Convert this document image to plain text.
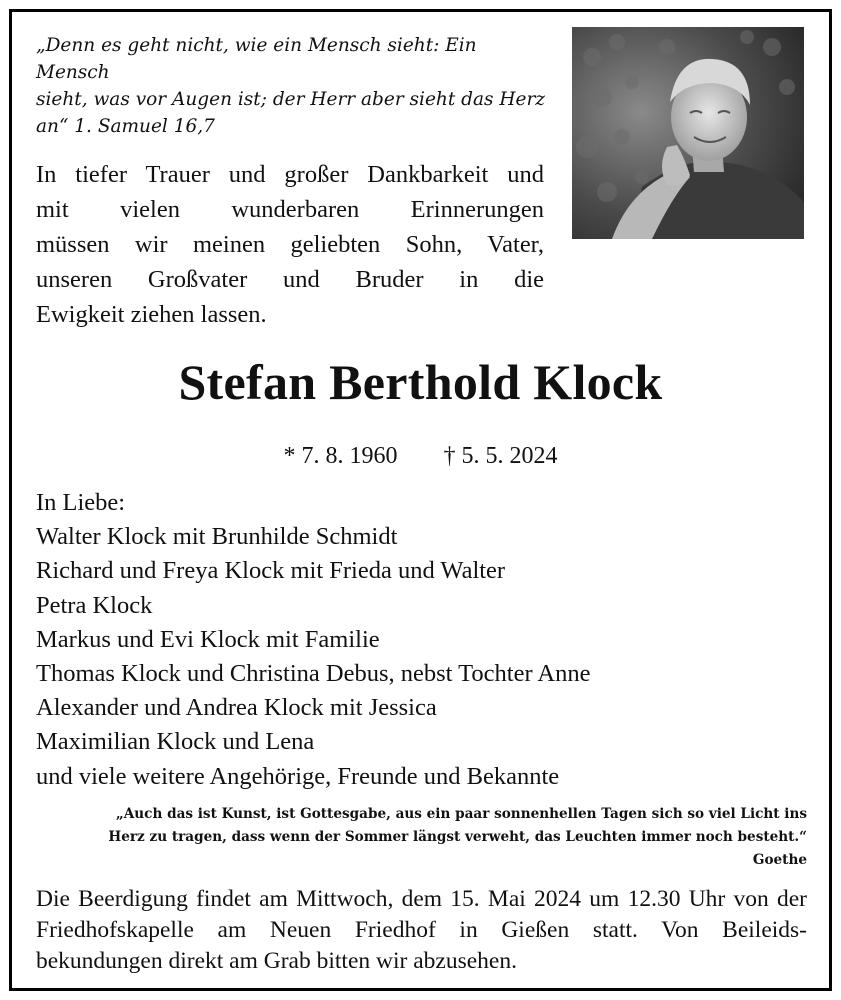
„Denn es geht nicht, wie ein Mensch sieht: Ein Mensch
sieht, was vor Augen ist; der Herr aber sieht das Herz
an“ 1. Samuel 16,7
In tiefer Trauer und großer Dankbarkeit und
mit vielen wunderbaren Erinnerungen
müssen wir meinen geliebten Sohn, Vater,
unseren Großvater und Bruder in die
Ewigkeit ziehen lassen.
Stefan Berthold Klock
* 7. 8. 1960 † 5. 5. 2024
In Liebe:
Walter Klock mit Brunhilde Schmidt
Richard und Freya Klock mit Frieda und Walter
Petra Klock
Markus und Evi Klock mit Familie
Thomas Klock und Christina Debus, nebst Tochter Anne
Alexander und Andrea Klock mit Jessica
Maximilian Klock und Lena
und viele weitere Angehörige, Freunde und Bekannte
„Auch das ist Kunst, ist Gottesgabe, aus ein paar sonnenhellen Tagen sich so viel Licht ins
Herz zu tragen, dass wenn der Sommer längst verweht, das Leuchten immer noch besteht.“
Goethe
Die Beerdigung findet am Mittwoch, dem 15. Mai 2024 um 12.30 Uhr von der
Friedhofskapelle am Neuen Friedhof in Gießen statt. Von Beileids-
bekundungen direkt am Grab bitten wir abzusehen.
